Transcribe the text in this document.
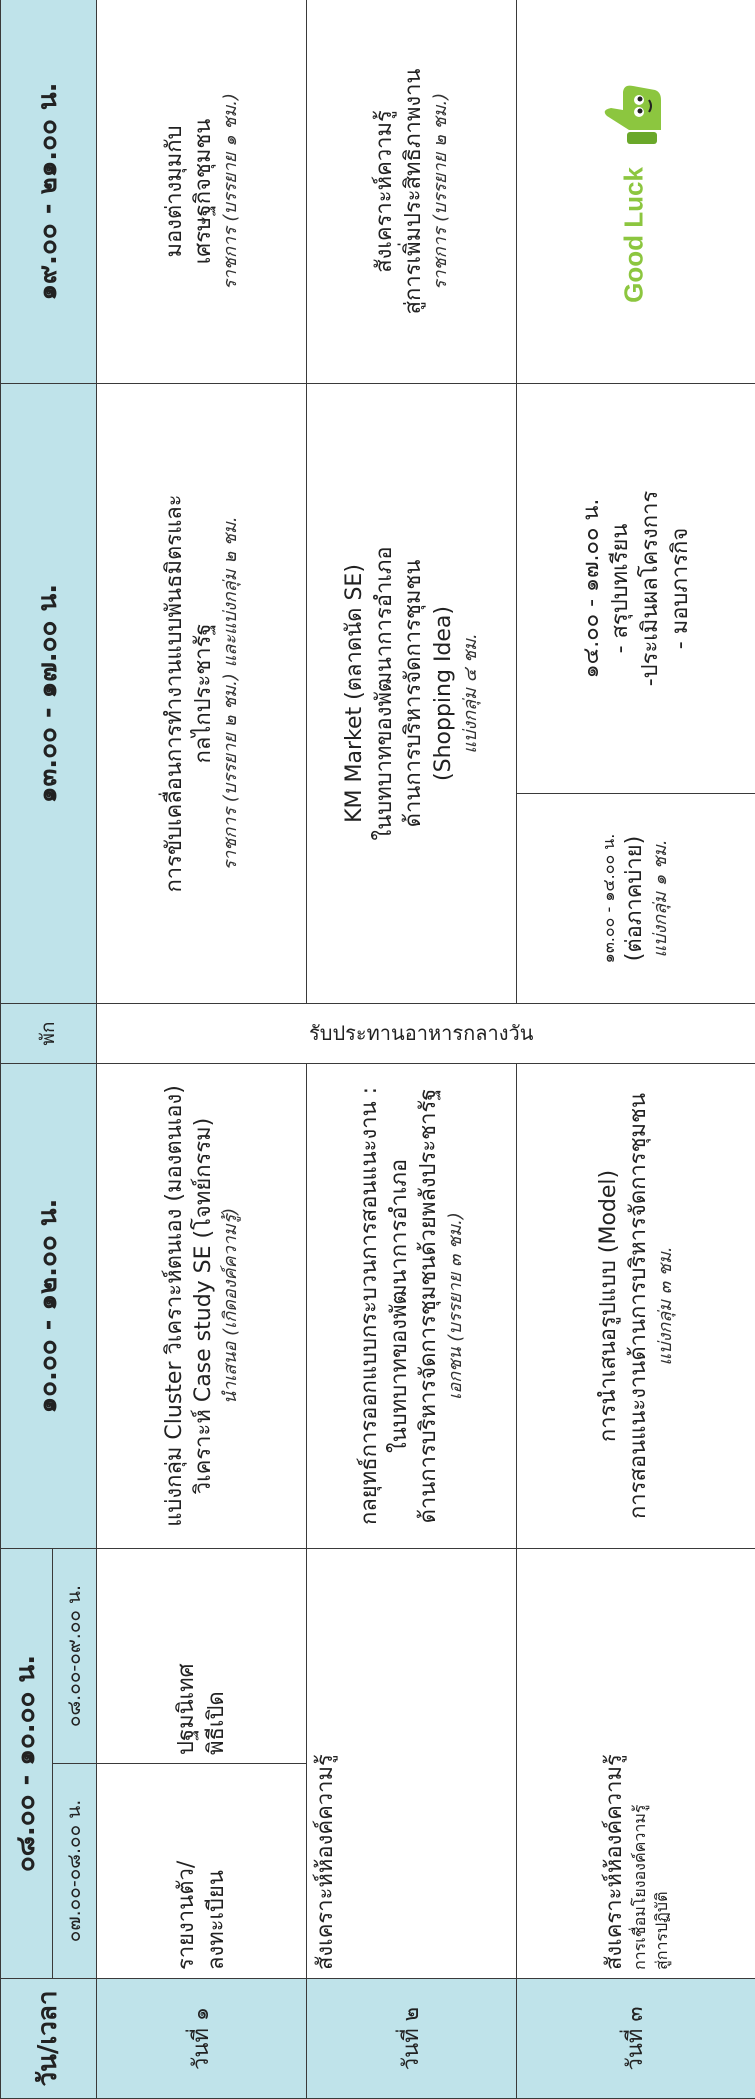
วัน/เวลา	๐๘.๐๐ - ๑๐.๐๐ น.		๑๐.๐๐ - ๑๒.๐๐ น.	พัก	๑๓.๐๐ - ๑๗.๐๐ น.		๑๙.๐๐ - ๒๑.๐๐ น.
	๐๗.๐๐-๐๘.๐๐ น.	๐๘.๐๐-๐๙.๐๐ น.					
วันที่ ๑	รายงานตัว/ ลงทะเบียน	ปฐมนิเทศ พิธีเปิด	แบ่งกลุ่ม Cluster วิเคราะห์ตนเอง (มองตนเอง) วิเคราะห์ Case study SE (โจทย์กรรม) นำเสนอ (เกิดองค์ความรู้)	รับประทานอาหารกลางวัน	การขับเคลื่อนการทำงานแบบพันธมิตรและ กลไกประชารัฐ ราชการ (บรรยาย ๒ ชม.) และแบ่งกลุ่ม ๒ ชม.		มองต่างมุมกับ เศรษฐกิจชุมชน ราชการ (บรรยาย ๑ ชม.)

วันที่ ๒	สังเคราะห์ห้องค์ความรู้		กลยุทธ์การออกแบบกระบวนการสอนแนะงาน : ในบทบาทของพัฒนาการอำเภอ ด้านการบริหารจัดการชุมชนด้วยพลังประชารัฐ เอกชน (บรรยาย ๓ ชม.)		KM Market (ตลาดนัด SE) ในบทบาทของพัฒนาการอำเภอ ด้านการบริหารจัดการชุมชน (Shopping Idea) แบ่งกลุ่ม ๔ ชม.		สังเคราะห์ความรู้ สู่การเพิ่มประสิทธิภาพงาน ราชการ (บรรยาย ๒ ชม.)

วันที่ ๓	สังเคราะห์ห้องค์ความรู้ การเชื่อมโยงองค์ความรู้ สู่การปฏิบัติ		การนำเสนอรูปแบบ (Model) การสอนแนะงานด้านการบริหารจัดการชุมชน แบ่งกลุ่ม ๓ ชม.		๑๓.๐๐ - ๑๔.๐๐ น. (ต่อภาคบ่าย) แบ่งกลุ่ม ๑ ชม.	๑๔.๐๐ - ๑๗.๐๐ น. - สรุปบทเรียน -ประเมินผลโครงการ - มอบภารกิจ	Good Luck
